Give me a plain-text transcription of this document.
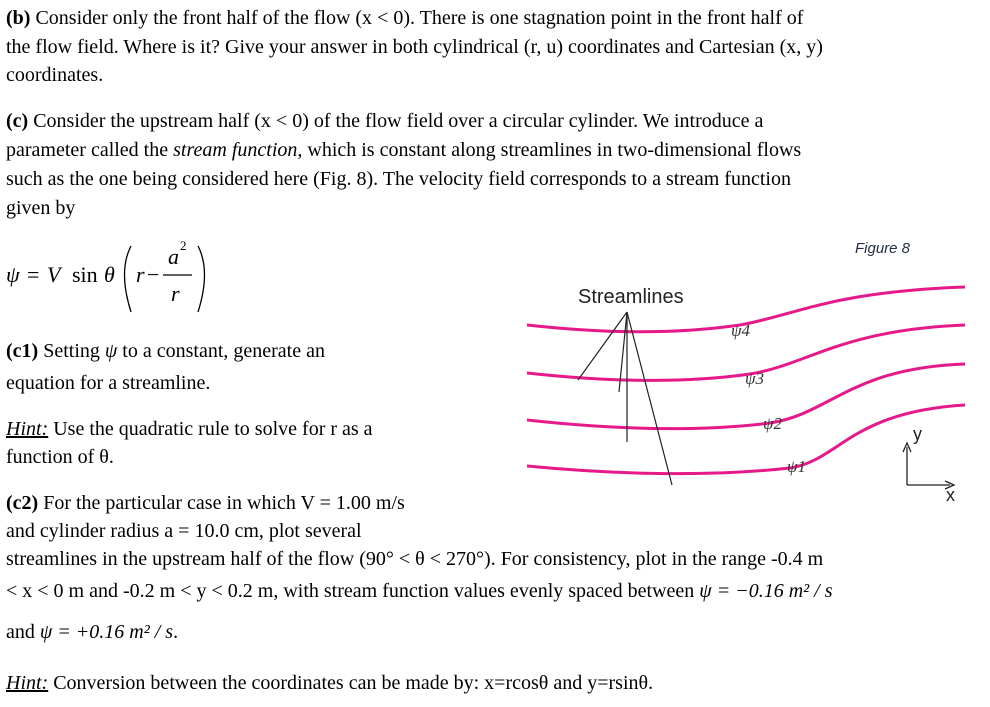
(b) Consider only the front half of the flow (x < 0). There is one stagnation point in the front half of

the flow field. Where is it? Give your answer in both cylindrical (r, u) coordinates and Cartesian (x, y)

coordinates.

(c) Consider the upstream half (x < 0) of the flow field over a circular cylinder. We introduce a

parameter called the stream function, which is constant along streamlines in two-dimensional flows

such as the one being considered here (Fig. 8). The velocity field corresponds to a stream function

given by

ψ = V sin θ r −
a 2
r

(c1) Setting ψ to a constant, generate an

equation for a streamline.

Hint: Use the quadratic rule to solve for r as a

function of θ.

(c2) For the particular case in which V = 1.00 m/s

and cylinder radius a = 10.0 cm, plot several

streamlines in the upstream half of the flow (90° < θ < 270°). For consistency, plot in the range -0.4 m

< x < 0 m and -0.2 m < y < 0.2 m, with stream function values evenly spaced between ψ = −0.16 m² / s

and ψ = +0.16 m² / s.

Hint: Conversion between the coordinates can be made by: x=rcosθ and y=rsinθ.

Figure 8
Streamlines
ψ4
ψ3
ψ2
ψ1
y
x
